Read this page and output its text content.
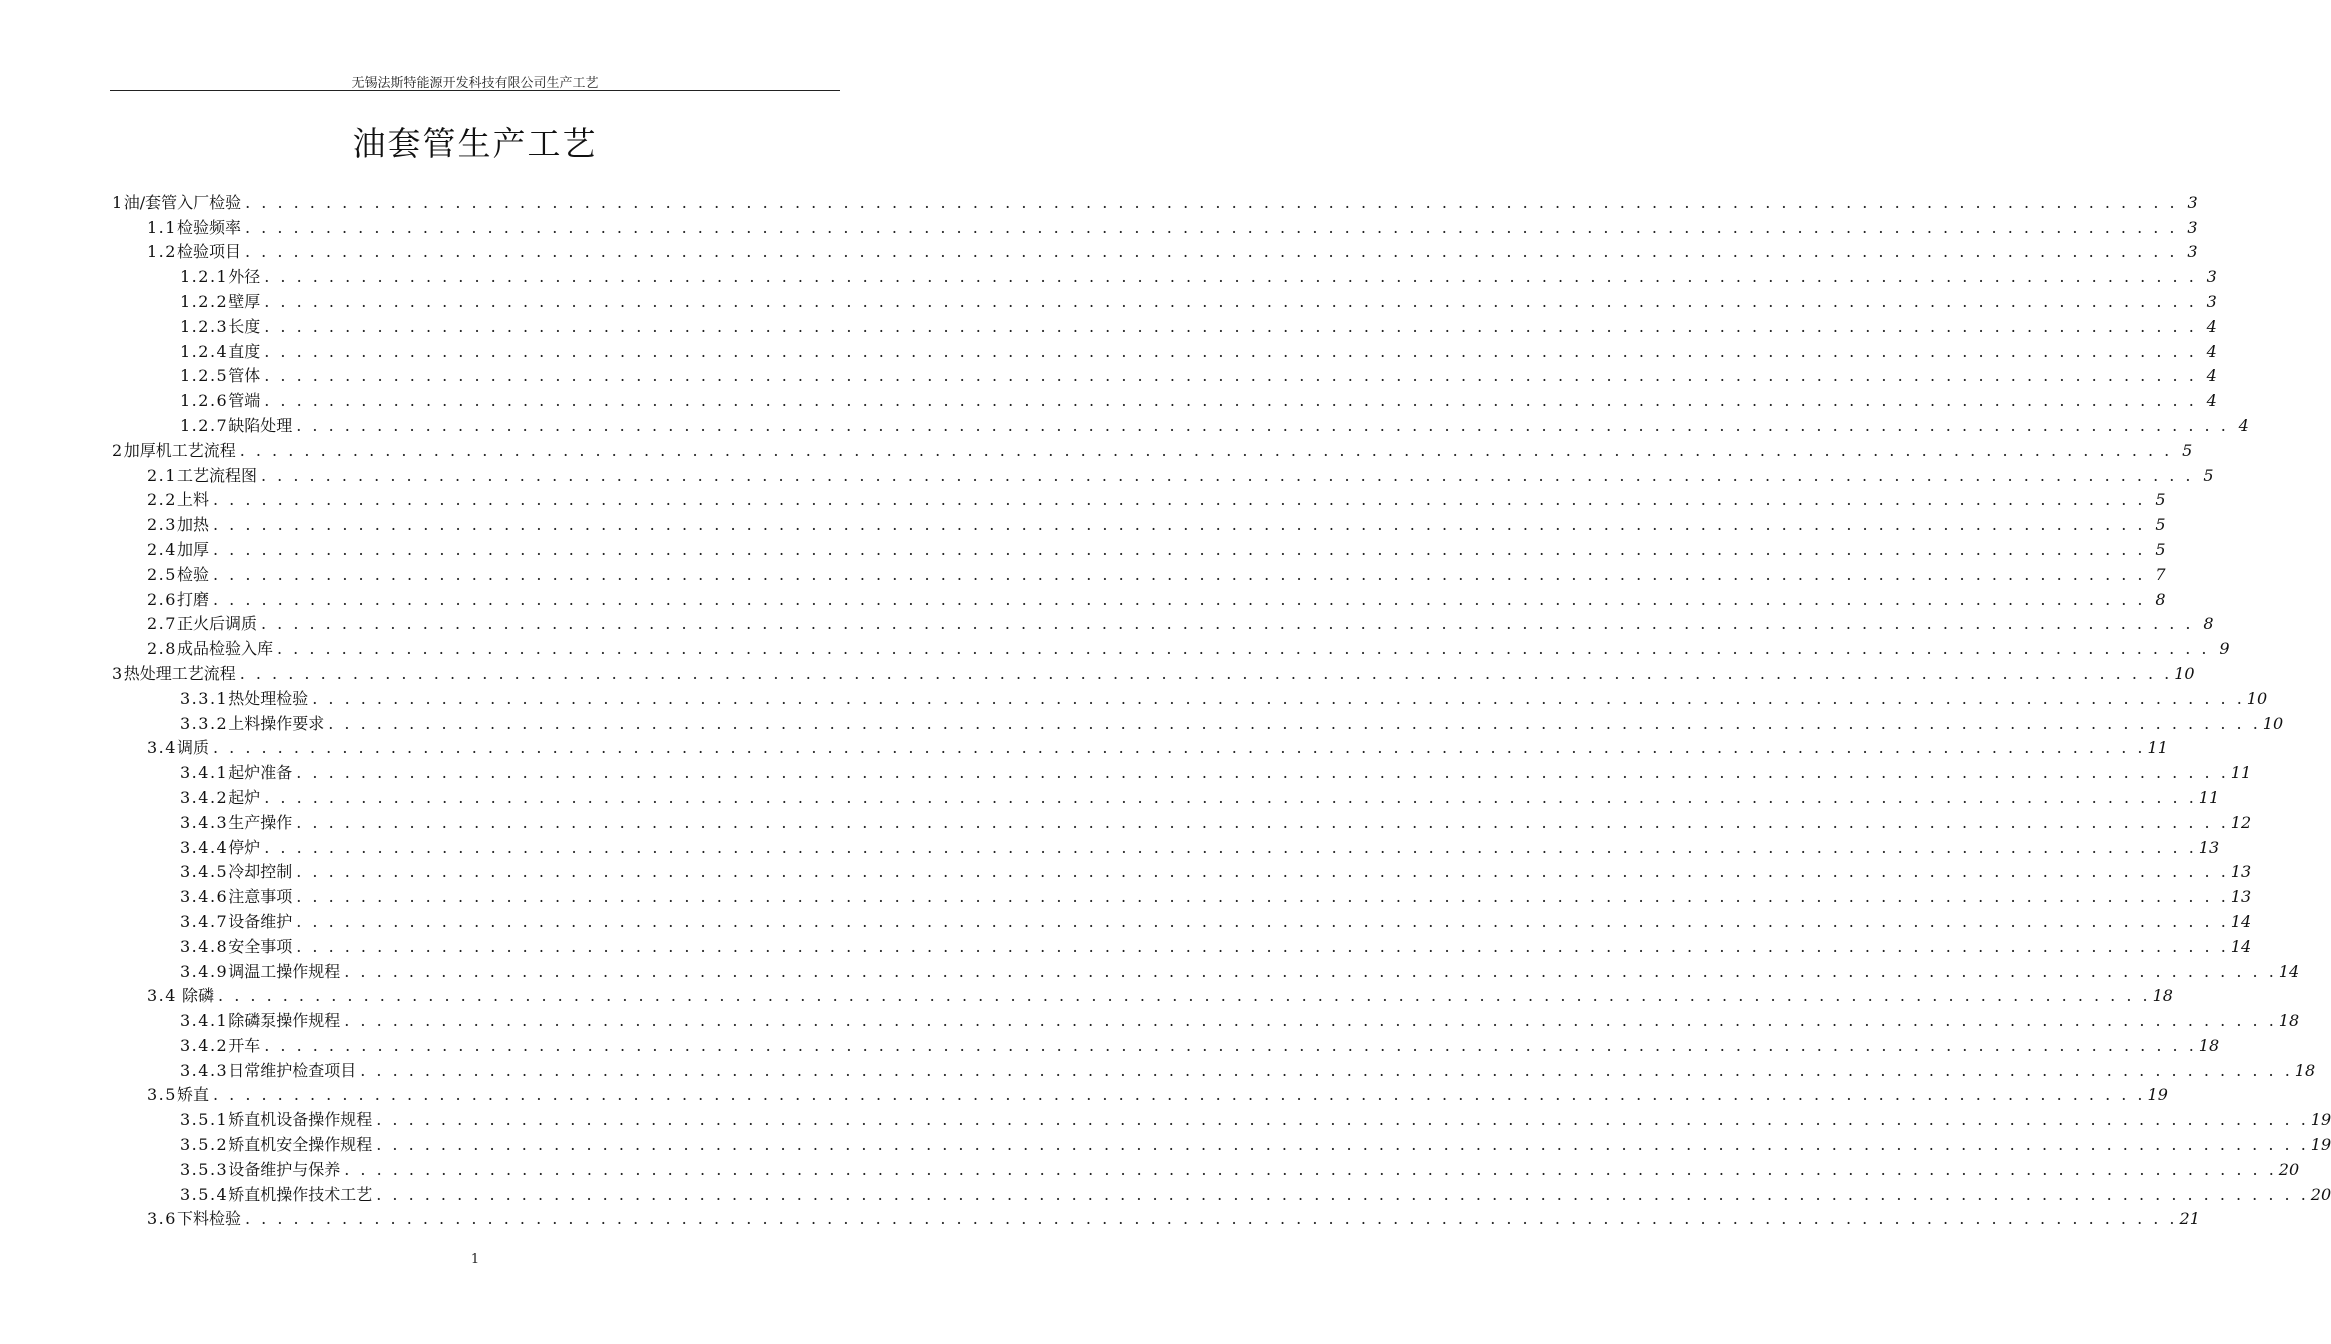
无锡法斯特能源开发科技有限公司生产工艺
油套管生产工艺
1油/套管入厂检验 . . . . . . . . . . . . . . . . . . . . . . . . . . . . . . . . . . . . . . . . . . . . . . . . . . . . . . . . . . . . . . . . . . . . . . . . . . . . . . . . . . . . . . . . . . . . . . . . . . . . . . . . . . . . . . . . . . . . . . . . 3
1.1检验频率 . . . . . . . . . . . . . . . . . . . . . . . . . . . . . . . . . . . . . . . . . . . . . . . . . . . . . . . . . . . . . . . . . . . . . . . . . . . . . . . . . . . . . . . . . . . . . . . . . . . . . . . . . . . . . . . . . . . . . . . . 3
1.2检验项目 . . . . . . . . . . . . . . . . . . . . . . . . . . . . . . . . . . . . . . . . . . . . . . . . . . . . . . . . . . . . . . . . . . . . . . . . . . . . . . . . . . . . . . . . . . . . . . . . . . . . . . . . . . . . . . . . . . . . . . . . 3
1.2.1外径 . . . . . . . . . . . . . . . . . . . . . . . . . . . . . . . . . . . . . . . . . . . . . . . . . . . . . . . . . . . . . . . . . . . . . . . . . . . . . . . . . . . . . . . . . . . . . . . . . . . . . . . . . . . . . . . . . . . . . . . . 3
1.2.2壁厚 . . . . . . . . . . . . . . . . . . . . . . . . . . . . . . . . . . . . . . . . . . . . . . . . . . . . . . . . . . . . . . . . . . . . . . . . . . . . . . . . . . . . . . . . . . . . . . . . . . . . . . . . . . . . . . . . . . . . . . . . 3
1.2.3长度 . . . . . . . . . . . . . . . . . . . . . . . . . . . . . . . . . . . . . . . . . . . . . . . . . . . . . . . . . . . . . . . . . . . . . . . . . . . . . . . . . . . . . . . . . . . . . . . . . . . . . . . . . . . . . . . . . . . . . . . . 4
1.2.4直度 . . . . . . . . . . . . . . . . . . . . . . . . . . . . . . . . . . . . . . . . . . . . . . . . . . . . . . . . . . . . . . . . . . . . . . . . . . . . . . . . . . . . . . . . . . . . . . . . . . . . . . . . . . . . . . . . . . . . . . . . 4
1.2.5管体 . . . . . . . . . . . . . . . . . . . . . . . . . . . . . . . . . . . . . . . . . . . . . . . . . . . . . . . . . . . . . . . . . . . . . . . . . . . . . . . . . . . . . . . . . . . . . . . . . . . . . . . . . . . . . . . . . . . . . . . . 4
1.2.6管端 . . . . . . . . . . . . . . . . . . . . . . . . . . . . . . . . . . . . . . . . . . . . . . . . . . . . . . . . . . . . . . . . . . . . . . . . . . . . . . . . . . . . . . . . . . . . . . . . . . . . . . . . . . . . . . . . . . . . . . . . 4
1.2.7缺陷处理 . . . . . . . . . . . . . . . . . . . . . . . . . . . . . . . . . . . . . . . . . . . . . . . . . . . . . . . . . . . . . . . . . . . . . . . . . . . . . . . . . . . . . . . . . . . . . . . . . . . . . . . . . . . . . . . . . . . . . . . . 4
2加厚机工艺流程 . . . . . . . . . . . . . . . . . . . . . . . . . . . . . . . . . . . . . . . . . . . . . . . . . . . . . . . . . . . . . . . . . . . . . . . . . . . . . . . . . . . . . . . . . . . . . . . . . . . . . . . . . . . . . . . . . . . . . . . . 5
2.1工艺流程图 . . . . . . . . . . . . . . . . . . . . . . . . . . . . . . . . . . . . . . . . . . . . . . . . . . . . . . . . . . . . . . . . . . . . . . . . . . . . . . . . . . . . . . . . . . . . . . . . . . . . . . . . . . . . . . . . . . . . . . . . 5
2.2上料 . . . . . . . . . . . . . . . . . . . . . . . . . . . . . . . . . . . . . . . . . . . . . . . . . . . . . . . . . . . . . . . . . . . . . . . . . . . . . . . . . . . . . . . . . . . . . . . . . . . . . . . . . . . . . . . . . . . . . . . . 5
2.3加热 . . . . . . . . . . . . . . . . . . . . . . . . . . . . . . . . . . . . . . . . . . . . . . . . . . . . . . . . . . . . . . . . . . . . . . . . . . . . . . . . . . . . . . . . . . . . . . . . . . . . . . . . . . . . . . . . . . . . . . . . 5
2.4加厚 . . . . . . . . . . . . . . . . . . . . . . . . . . . . . . . . . . . . . . . . . . . . . . . . . . . . . . . . . . . . . . . . . . . . . . . . . . . . . . . . . . . . . . . . . . . . . . . . . . . . . . . . . . . . . . . . . . . . . . . . 5
2.5检验 . . . . . . . . . . . . . . . . . . . . . . . . . . . . . . . . . . . . . . . . . . . . . . . . . . . . . . . . . . . . . . . . . . . . . . . . . . . . . . . . . . . . . . . . . . . . . . . . . . . . . . . . . . . . . . . . . . . . . . . . 7
2.6打磨 . . . . . . . . . . . . . . . . . . . . . . . . . . . . . . . . . . . . . . . . . . . . . . . . . . . . . . . . . . . . . . . . . . . . . . . . . . . . . . . . . . . . . . . . . . . . . . . . . . . . . . . . . . . . . . . . . . . . . . . . 8
2.7正火后调质 . . . . . . . . . . . . . . . . . . . . . . . . . . . . . . . . . . . . . . . . . . . . . . . . . . . . . . . . . . . . . . . . . . . . . . . . . . . . . . . . . . . . . . . . . . . . . . . . . . . . . . . . . . . . . . . . . . . . . . . . 8
2.8成品检验入库 . . . . . . . . . . . . . . . . . . . . . . . . . . . . . . . . . . . . . . . . . . . . . . . . . . . . . . . . . . . . . . . . . . . . . . . . . . . . . . . . . . . . . . . . . . . . . . . . . . . . . . . . . . . . . . . . . . . . . . . . 9
3热处理工艺流程 . . . . . . . . . . . . . . . . . . . . . . . . . . . . . . . . . . . . . . . . . . . . . . . . . . . . . . . . . . . . . . . . . . . . . . . . . . . . . . . . . . . . . . . . . . . . . . . . . . . . . . . . . . . . . . . . . . . . . . . . 10
3.3.1热处理检验 . . . . . . . . . . . . . . . . . . . . . . . . . . . . . . . . . . . . . . . . . . . . . . . . . . . . . . . . . . . . . . . . . . . . . . . . . . . . . . . . . . . . . . . . . . . . . . . . . . . . . . . . . . . . . . . . . . . . . . . . 10
3.3.2上料操作要求 . . . . . . . . . . . . . . . . . . . . . . . . . . . . . . . . . . . . . . . . . . . . . . . . . . . . . . . . . . . . . . . . . . . . . . . . . . . . . . . . . . . . . . . . . . . . . . . . . . . . . . . . . . . . . . . . . . . . . . . . 10
3.4调质 . . . . . . . . . . . . . . . . . . . . . . . . . . . . . . . . . . . . . . . . . . . . . . . . . . . . . . . . . . . . . . . . . . . . . . . . . . . . . . . . . . . . . . . . . . . . . . . . . . . . . . . . . . . . . . . . . . . . . . . . 11
3.4.1起炉准备 . . . . . . . . . . . . . . . . . . . . . . . . . . . . . . . . . . . . . . . . . . . . . . . . . . . . . . . . . . . . . . . . . . . . . . . . . . . . . . . . . . . . . . . . . . . . . . . . . . . . . . . . . . . . . . . . . . . . . . . . 11
3.4.2起炉 . . . . . . . . . . . . . . . . . . . . . . . . . . . . . . . . . . . . . . . . . . . . . . . . . . . . . . . . . . . . . . . . . . . . . . . . . . . . . . . . . . . . . . . . . . . . . . . . . . . . . . . . . . . . . . . . . . . . . . . . 11
3.4.3生产操作 . . . . . . . . . . . . . . . . . . . . . . . . . . . . . . . . . . . . . . . . . . . . . . . . . . . . . . . . . . . . . . . . . . . . . . . . . . . . . . . . . . . . . . . . . . . . . . . . . . . . . . . . . . . . . . . . . . . . . . . . 12
3.4.4停炉 . . . . . . . . . . . . . . . . . . . . . . . . . . . . . . . . . . . . . . . . . . . . . . . . . . . . . . . . . . . . . . . . . . . . . . . . . . . . . . . . . . . . . . . . . . . . . . . . . . . . . . . . . . . . . . . . . . . . . . . . 13
3.4.5冷却控制 . . . . . . . . . . . . . . . . . . . . . . . . . . . . . . . . . . . . . . . . . . . . . . . . . . . . . . . . . . . . . . . . . . . . . . . . . . . . . . . . . . . . . . . . . . . . . . . . . . . . . . . . . . . . . . . . . . . . . . . . 13
3.4.6注意事项 . . . . . . . . . . . . . . . . . . . . . . . . . . . . . . . . . . . . . . . . . . . . . . . . . . . . . . . . . . . . . . . . . . . . . . . . . . . . . . . . . . . . . . . . . . . . . . . . . . . . . . . . . . . . . . . . . . . . . . . . 13
3.4.7设备维护 . . . . . . . . . . . . . . . . . . . . . . . . . . . . . . . . . . . . . . . . . . . . . . . . . . . . . . . . . . . . . . . . . . . . . . . . . . . . . . . . . . . . . . . . . . . . . . . . . . . . . . . . . . . . . . . . . . . . . . . . 14
3.4.8安全事项 . . . . . . . . . . . . . . . . . . . . . . . . . . . . . . . . . . . . . . . . . . . . . . . . . . . . . . . . . . . . . . . . . . . . . . . . . . . . . . . . . . . . . . . . . . . . . . . . . . . . . . . . . . . . . . . . . . . . . . . . 14
3.4.9调温工操作规程 . . . . . . . . . . . . . . . . . . . . . . . . . . . . . . . . . . . . . . . . . . . . . . . . . . . . . . . . . . . . . . . . . . . . . . . . . . . . . . . . . . . . . . . . . . . . . . . . . . . . . . . . . . . . . . . . . . . . . . . . 14
3.4 除磷 . . . . . . . . . . . . . . . . . . . . . . . . . . . . . . . . . . . . . . . . . . . . . . . . . . . . . . . . . . . . . . . . . . . . . . . . . . . . . . . . . . . . . . . . . . . . . . . . . . . . . . . . . . . . . . . . . . . . . . . . 18
3.4.1除磷泵操作规程 . . . . . . . . . . . . . . . . . . . . . . . . . . . . . . . . . . . . . . . . . . . . . . . . . . . . . . . . . . . . . . . . . . . . . . . . . . . . . . . . . . . . . . . . . . . . . . . . . . . . . . . . . . . . . . . . . . . . . . . . 18
3.4.2开车 . . . . . . . . . . . . . . . . . . . . . . . . . . . . . . . . . . . . . . . . . . . . . . . . . . . . . . . . . . . . . . . . . . . . . . . . . . . . . . . . . . . . . . . . . . . . . . . . . . . . . . . . . . . . . . . . . . . . . . . . 18
3.4.3日常维护检查项目 . . . . . . . . . . . . . . . . . . . . . . . . . . . . . . . . . . . . . . . . . . . . . . . . . . . . . . . . . . . . . . . . . . . . . . . . . . . . . . . . . . . . . . . . . . . . . . . . . . . . . . . . . . . . . . . . . . . . . . . . 18
3.5矫直 . . . . . . . . . . . . . . . . . . . . . . . . . . . . . . . . . . . . . . . . . . . . . . . . . . . . . . . . . . . . . . . . . . . . . . . . . . . . . . . . . . . . . . . . . . . . . . . . . . . . . . . . . . . . . . . . . . . . . . . . 19
3.5.1矫直机设备操作规程 . . . . . . . . . . . . . . . . . . . . . . . . . . . . . . . . . . . . . . . . . . . . . . . . . . . . . . . . . . . . . . . . . . . . . . . . . . . . . . . . . . . . . . . . . . . . . . . . . . . . . . . . . . . . . . . . . . . . . . . . 19
3.5.2矫直机安全操作规程 . . . . . . . . . . . . . . . . . . . . . . . . . . . . . . . . . . . . . . . . . . . . . . . . . . . . . . . . . . . . . . . . . . . . . . . . . . . . . . . . . . . . . . . . . . . . . . . . . . . . . . . . . . . . . . . . . . . . . . . . 19
3.5.3设备维护与保养 . . . . . . . . . . . . . . . . . . . . . . . . . . . . . . . . . . . . . . . . . . . . . . . . . . . . . . . . . . . . . . . . . . . . . . . . . . . . . . . . . . . . . . . . . . . . . . . . . . . . . . . . . . . . . . . . . . . . . . . . 20
3.5.4矫直机操作技术工艺 . . . . . . . . . . . . . . . . . . . . . . . . . . . . . . . . . . . . . . . . . . . . . . . . . . . . . . . . . . . . . . . . . . . . . . . . . . . . . . . . . . . . . . . . . . . . . . . . . . . . . . . . . . . . . . . . . . . . . . . . 20
3.6下料检验 . . . . . . . . . . . . . . . . . . . . . . . . . . . . . . . . . . . . . . . . . . . . . . . . . . . . . . . . . . . . . . . . . . . . . . . . . . . . . . . . . . . . . . . . . . . . . . . . . . . . . . . . . . . . . . . . . . . . . . . . 21
1
